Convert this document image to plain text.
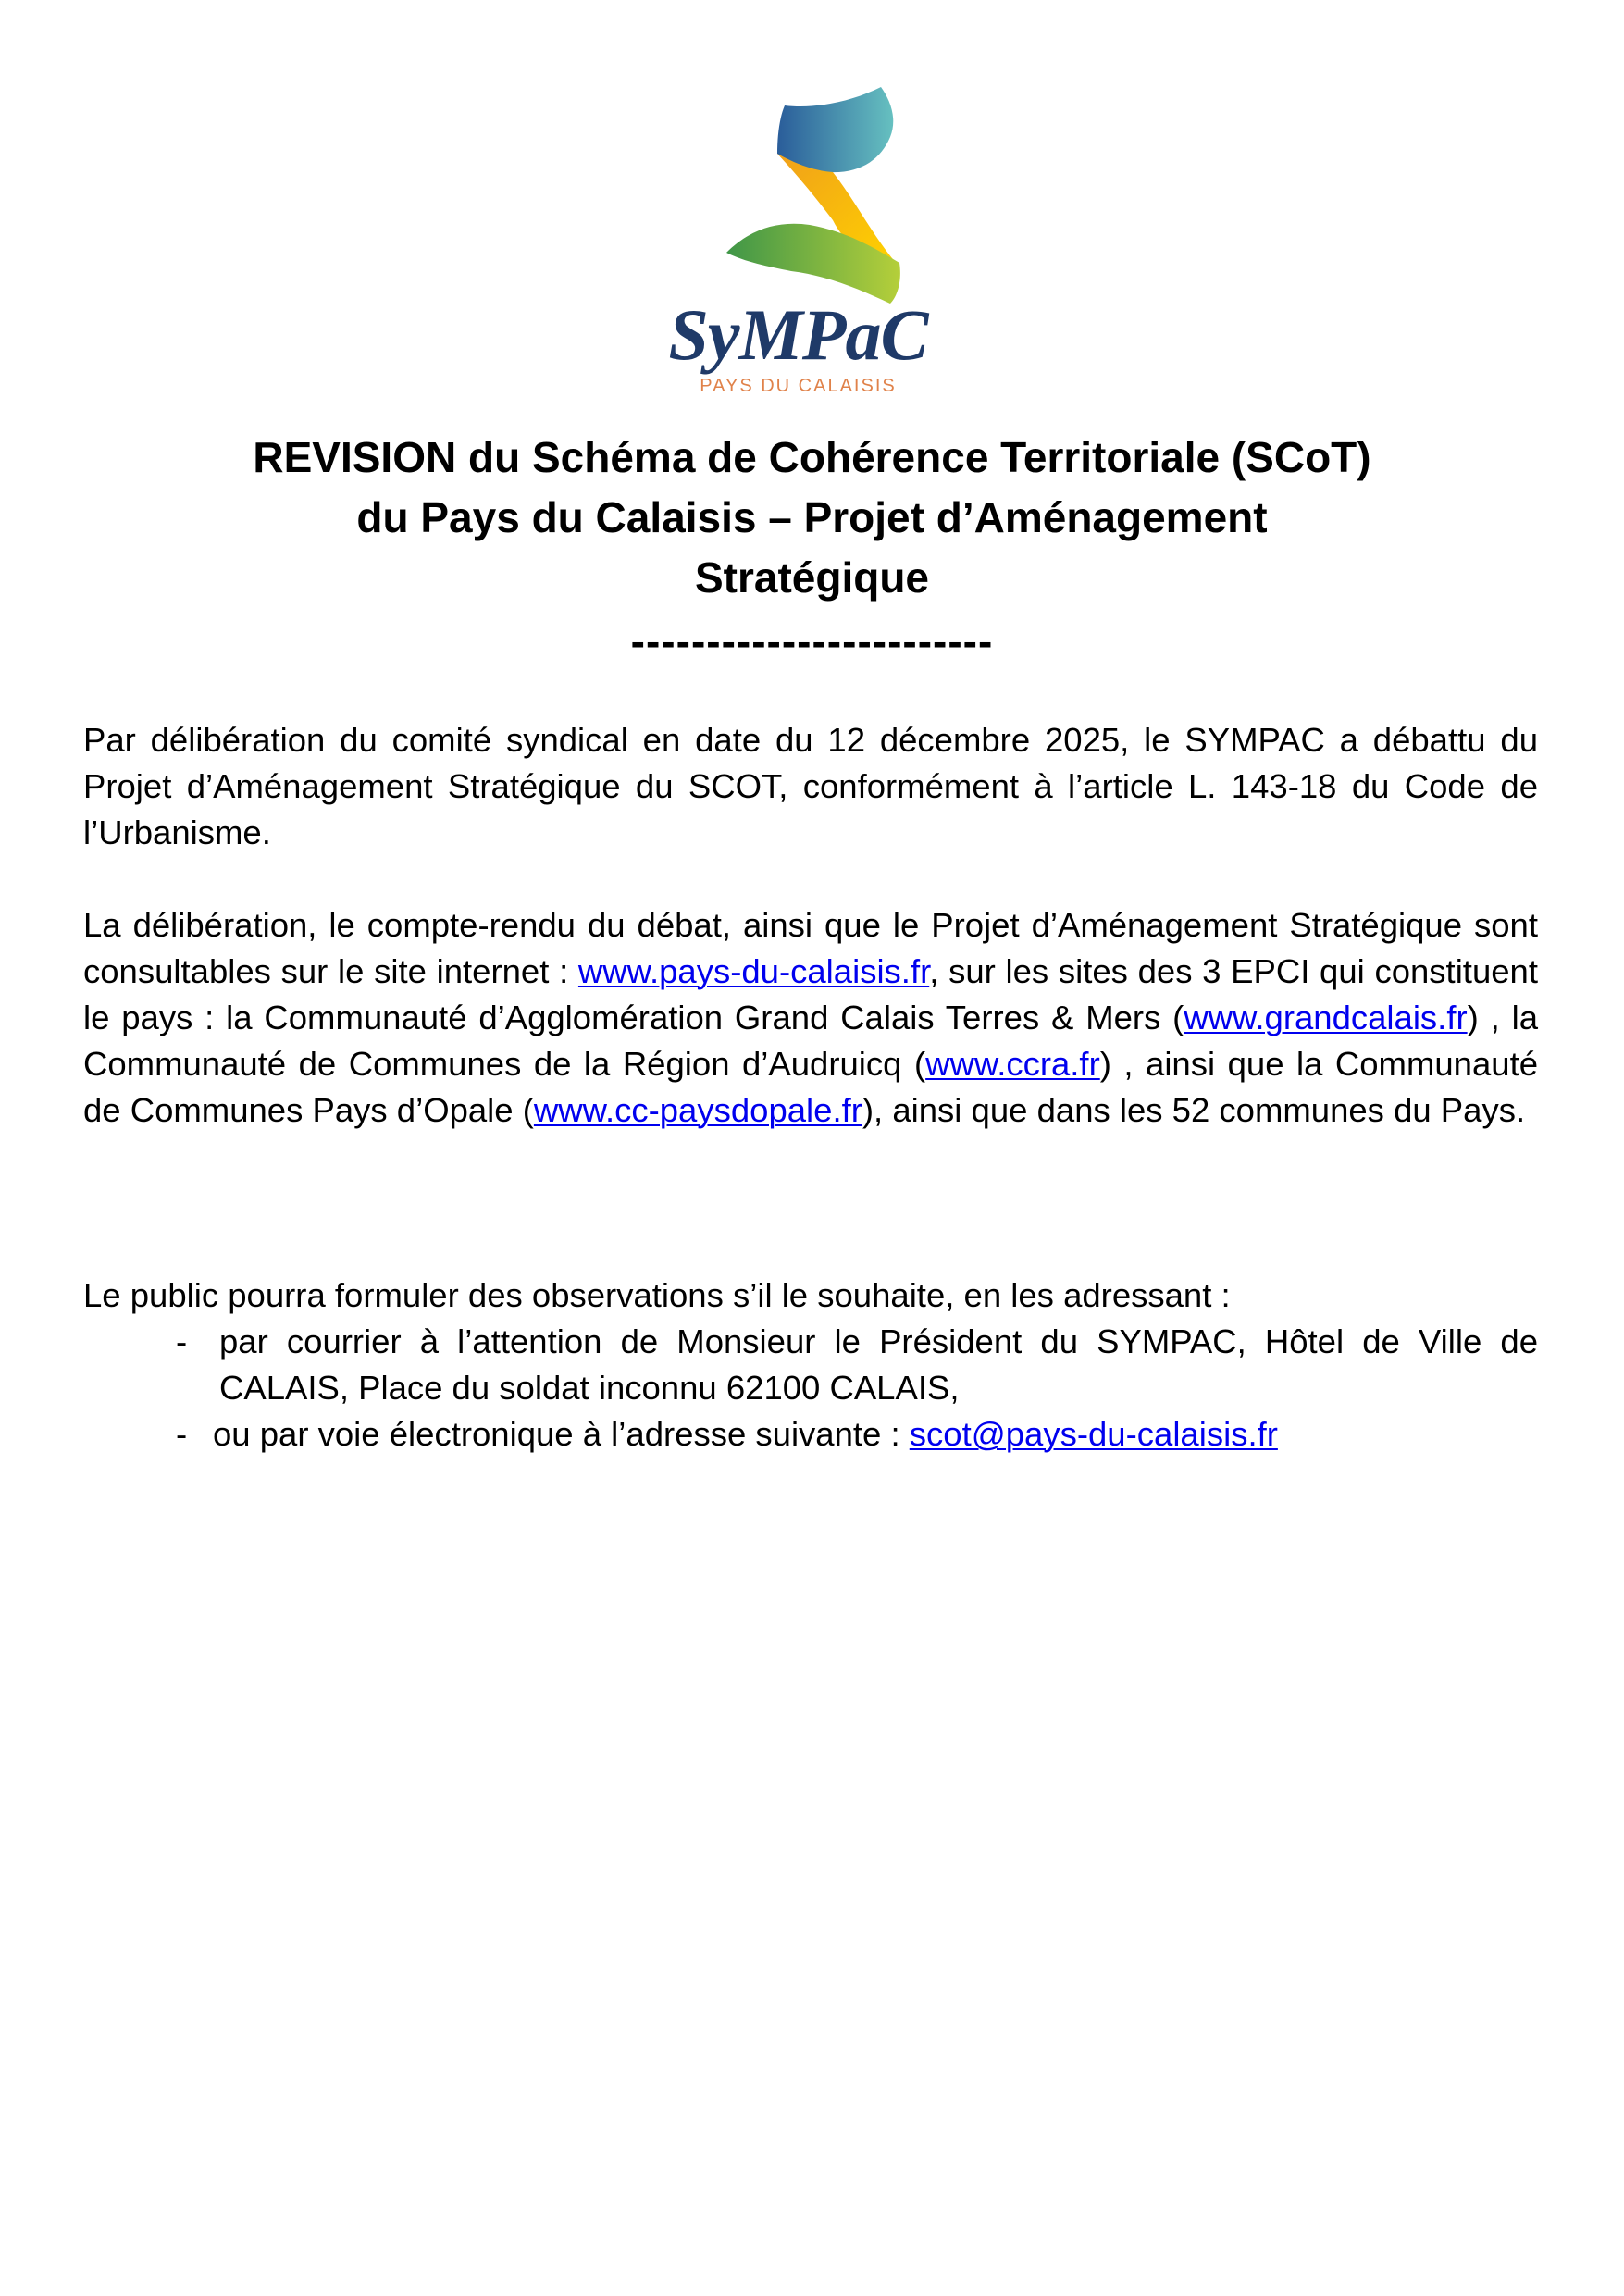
SyMPaC
PAYS DU CALAISIS
REVISION du Schéma de Cohérence Territoriale (SCoT)
du Pays du Calaisis – Projet d’Aménagement
Stratégique
------------------------
Par délibération du comité syndical en date du 12 décembre 2025, le SYMPAC a débattu du Projet d’Aménagement Stratégique du SCOT, conformément à l’article L. 143-18 du Code de l’Urbanisme.
La délibération, le compte-rendu du débat, ainsi que le Projet d’Aménagement Stratégique sont consultables sur le site internet : www.pays-du-calaisis.fr, sur les sites des 3 EPCI qui constituent le pays : la Communauté d’Agglomération Grand Calais Terres & Mers (www.grandcalais.fr) , la Communauté de Communes de la Région d’Audruicq (www.ccra.fr) , ainsi que la Communauté de Communes Pays d’Opale (www.cc-paysdopale.fr), ainsi que dans les 52 communes du Pays.
Le public pourra formuler des observations s’il le souhaite, en les adressant :
- par courrier à l’attention de Monsieur le Président du SYMPAC, Hôtel de Ville de CALAIS, Place du soldat inconnu 62100 CALAIS,
- ou par voie électronique à l’adresse suivante : scot@pays-du-calaisis.fr
